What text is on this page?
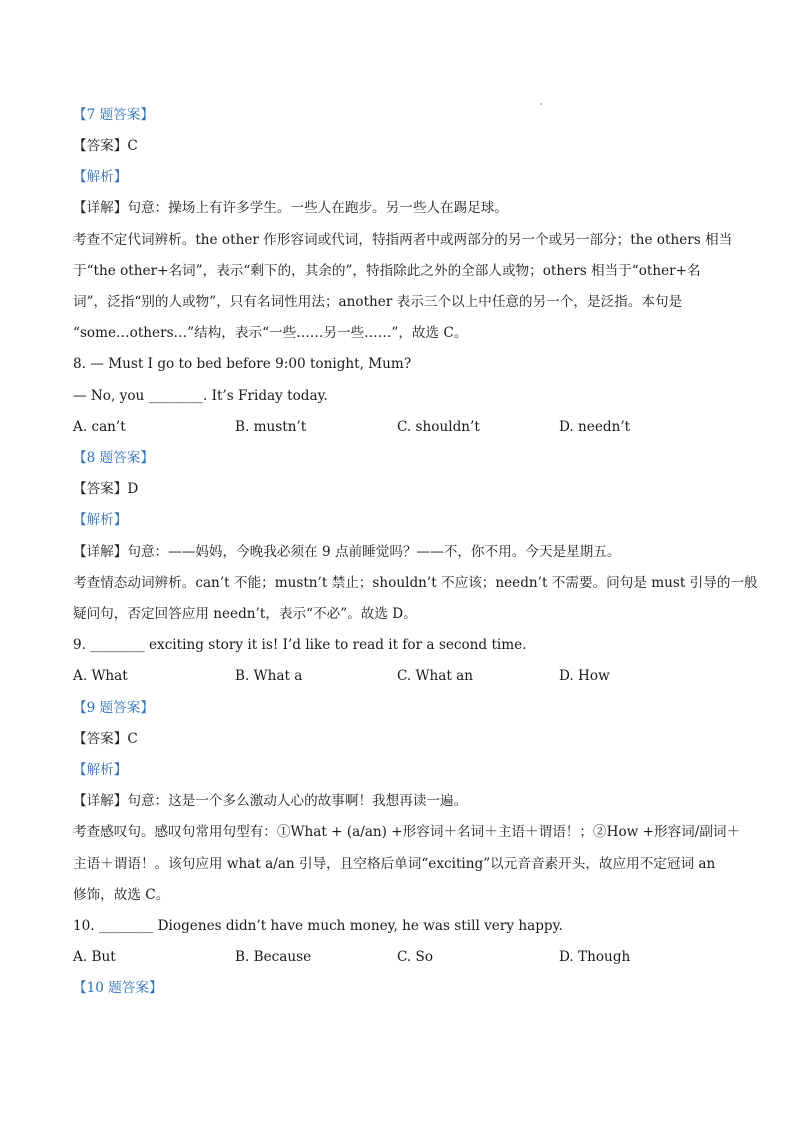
【7 题答案】
【答案】C
【解析】
【详解】句意：操场上有许多学生。一些人在跑步。另一些人在踢足球。
考查不定代词辨析。the other 作形容词或代词，特指两者中或两部分的另一个或另一部分；the others 相当
于“the other+名词”，表示“剩下的，其余的”，特指除此之外的全部人或物；others 相当于“other+名
词”，泛指“别的人或物”，只有名词性用法；another 表示三个以上中任意的另一个，是泛指。本句是
“some…others…”结构，表示“一些……另一些……”，故选 C。
8. — Must I go to bed before 9:00 tonight, Mum?
— No, you ________. It’s Friday today.
A. can’t	B. mustn’t	C. shouldn’t	D. needn’t
【8 题答案】
【答案】D
【解析】
【详解】句意：——妈妈，今晚我必须在 9 点前睡觉吗？——不，你不用。今天是星期五。
考查情态动词辨析。can’t 不能；mustn’t 禁止；shouldn’t 不应该；needn’t 不需要。问句是 must 引导的一般
疑问句，否定回答应用 needn’t，表示“不必”。故选 D。
9. ________ exciting story it is! I’d like to read it for a second time.
A. What	B. What a	C. What an	D. How
【9 题答案】
【答案】C
【解析】
【详解】句意：这是一个多么激动人心的故事啊！我想再读一遍。
考查感叹句。感叹句常用句型有：①What + (a/an) +形容词＋名词＋主语＋谓语！；②How +形容词/副词＋
主语＋谓语！。该句应用 what a/an 引导，且空格后单词“exciting”以元音音素开头，故应用不定冠词 an
修饰，故选 C。
10. ________ Diogenes didn’t have much money, he was still very happy.
A. But	B. Because	C. So	D. Though
【10 题答案】
